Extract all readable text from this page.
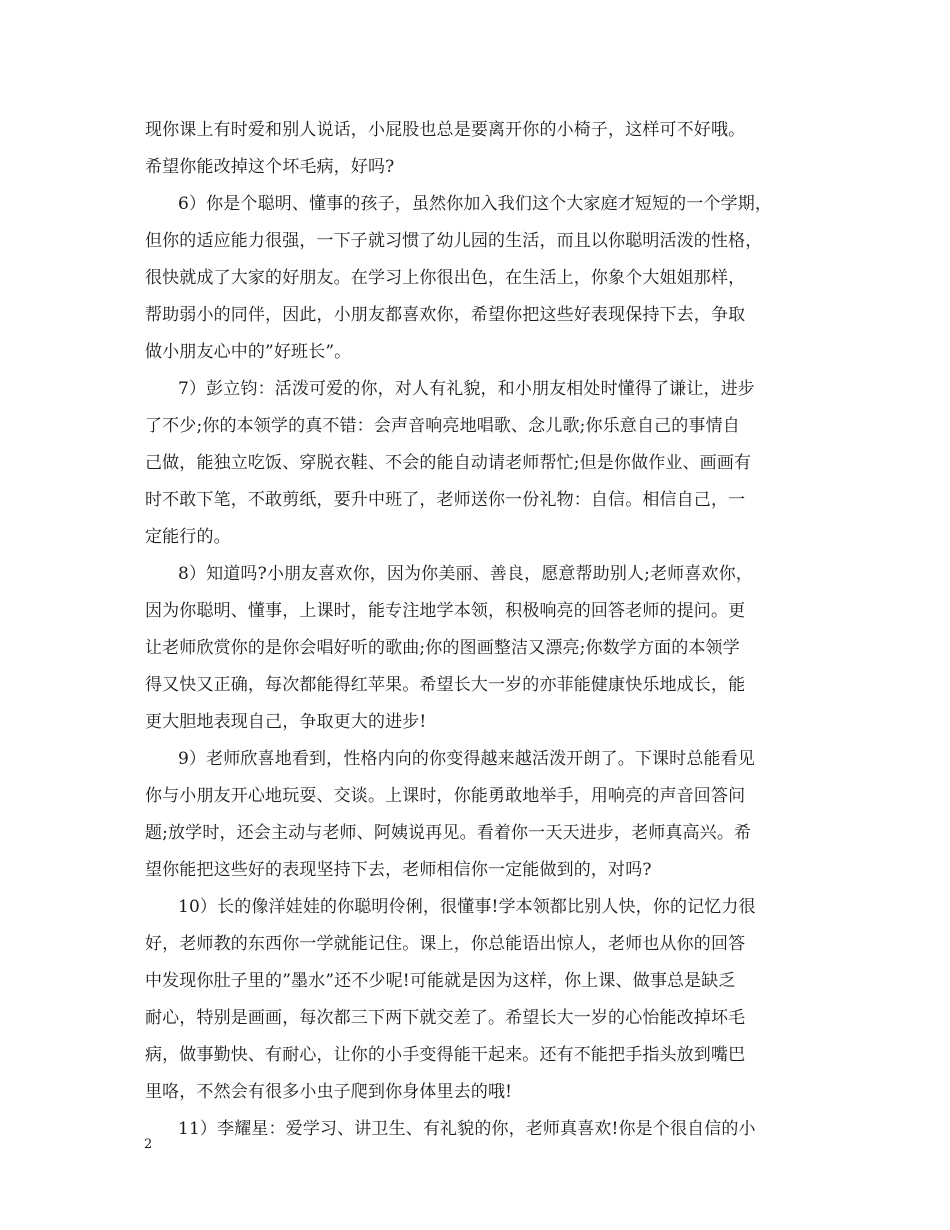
现你课上有时爱和别人说话，小屁股也总是要离开你的小椅子，这样可不好哦。
希望你能改掉这个坏毛病，好吗?
6）你是个聪明、懂事的孩子，虽然你加入我们这个大家庭才短短的一个学期，
但你的适应能力很强，一下子就习惯了幼儿园的生活，而且以你聪明活泼的性格，
很快就成了大家的好朋友。在学习上你很出色，在生活上，你象个大姐姐那样，
帮助弱小的同伴，因此，小朋友都喜欢你，希望你把这些好表现保持下去，争取
做小朋友心中的”好班长”。
7）彭立钧：活泼可爱的你，对人有礼貌，和小朋友相处时懂得了谦让，进步
了不少;你的本领学的真不错：会声音响亮地唱歌、念儿歌;你乐意自己的事情自
己做，能独立吃饭、穿脱衣鞋、不会的能自动请老师帮忙;但是你做作业、画画有
时不敢下笔，不敢剪纸，要升中班了，老师送你一份礼物：自信。相信自己，一
定能行的。
8）知道吗?小朋友喜欢你，因为你美丽、善良，愿意帮助别人;老师喜欢你，
因为你聪明、懂事，上课时，能专注地学本领，积极响亮的回答老师的提问。更
让老师欣赏你的是你会唱好听的歌曲;你的图画整洁又漂亮;你数学方面的本领学
得又快又正确，每次都能得红苹果。希望长大一岁的亦菲能健康快乐地成长，能
更大胆地表现自己，争取更大的进步!
9）老师欣喜地看到，性格内向的你变得越来越活泼开朗了。下课时总能看见
你与小朋友开心地玩耍、交谈。上课时，你能勇敢地举手，用响亮的声音回答问
题;放学时，还会主动与老师、阿姨说再见。看着你一天天进步，老师真高兴。希
望你能把这些好的表现坚持下去，老师相信你一定能做到的，对吗?
10）长的像洋娃娃的你聪明伶俐，很懂事!学本领都比别人快，你的记忆力很
好，老师教的东西你一学就能记住。课上，你总能语出惊人，老师也从你的回答
中发现你肚子里的”墨水”还不少呢!可能就是因为这样，你上课、做事总是缺乏
耐心，特别是画画，每次都三下两下就交差了。希望长大一岁的心怡能改掉坏毛
病，做事勤快、有耐心，让你的小手变得能干起来。还有不能把手指头放到嘴巴
里咯，不然会有很多小虫子爬到你身体里去的哦!
11）李耀星：爱学习、讲卫生、有礼貌的你，老师真喜欢!你是个很自信的小
2
